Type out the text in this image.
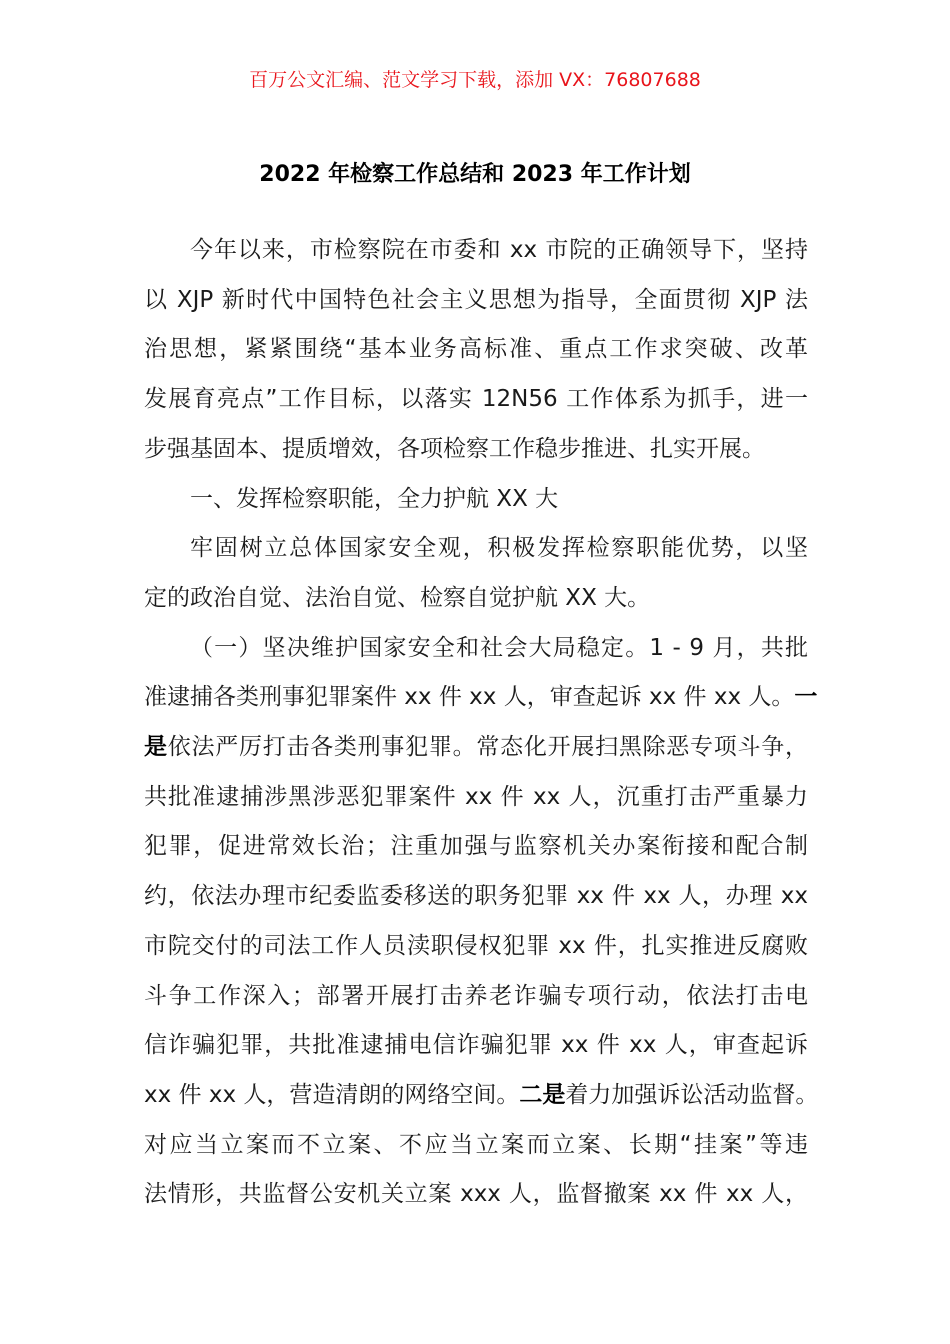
百万公文汇编、范文学习下载，添加 VX：76807688
2022 年检察工作总结和 2023 年工作计划
今年以来，市检察院在市委和 xx 市院的正确领导下，坚持
以 XJP 新时代中国特色社会主义思想为指导，全面贯彻 XJP 法
治思想，紧紧围绕“基本业务高标准、重点工作求突破、改革
发展育亮点”工作目标，以落实 12N56 工作体系为抓手，进一
步强基固本、提质增效，各项检察工作稳步推进、扎实开展。
一、发挥检察职能，全力护航 XX 大
牢固树立总体国家安全观，积极发挥检察职能优势，以坚
定的政治自觉、法治自觉、检察自觉护航 XX 大。
（一）坚决维护国家安全和社会大局稳定。1 - 9 月，共批
准逮捕各类刑事犯罪案件 xx 件 xx 人，审查起诉 xx 件 xx 人。一
是依法严厉打击各类刑事犯罪。常态化开展扫黑除恶专项斗争，
共批准逮捕涉黑涉恶犯罪案件 xx 件 xx 人，沉重打击严重暴力
犯罪，促进常效长治；注重加强与监察机关办案衔接和配合制
约，依法办理市纪委监委移送的职务犯罪 xx 件 xx 人，办理 xx
市院交付的司法工作人员渎职侵权犯罪 xx 件，扎实推进反腐败
斗争工作深入；部署开展打击养老诈骗专项行动，依法打击电
信诈骗犯罪，共批准逮捕电信诈骗犯罪 xx 件 xx 人，审查起诉
xx 件 xx 人，营造清朗的网络空间。二是着力加强诉讼活动监督。
对应当立案而不立案、不应当立案而立案、长期“挂案”等违
法情形，共监督公安机关立案 xxx 人，监督撤案 xx 件 xx 人，
